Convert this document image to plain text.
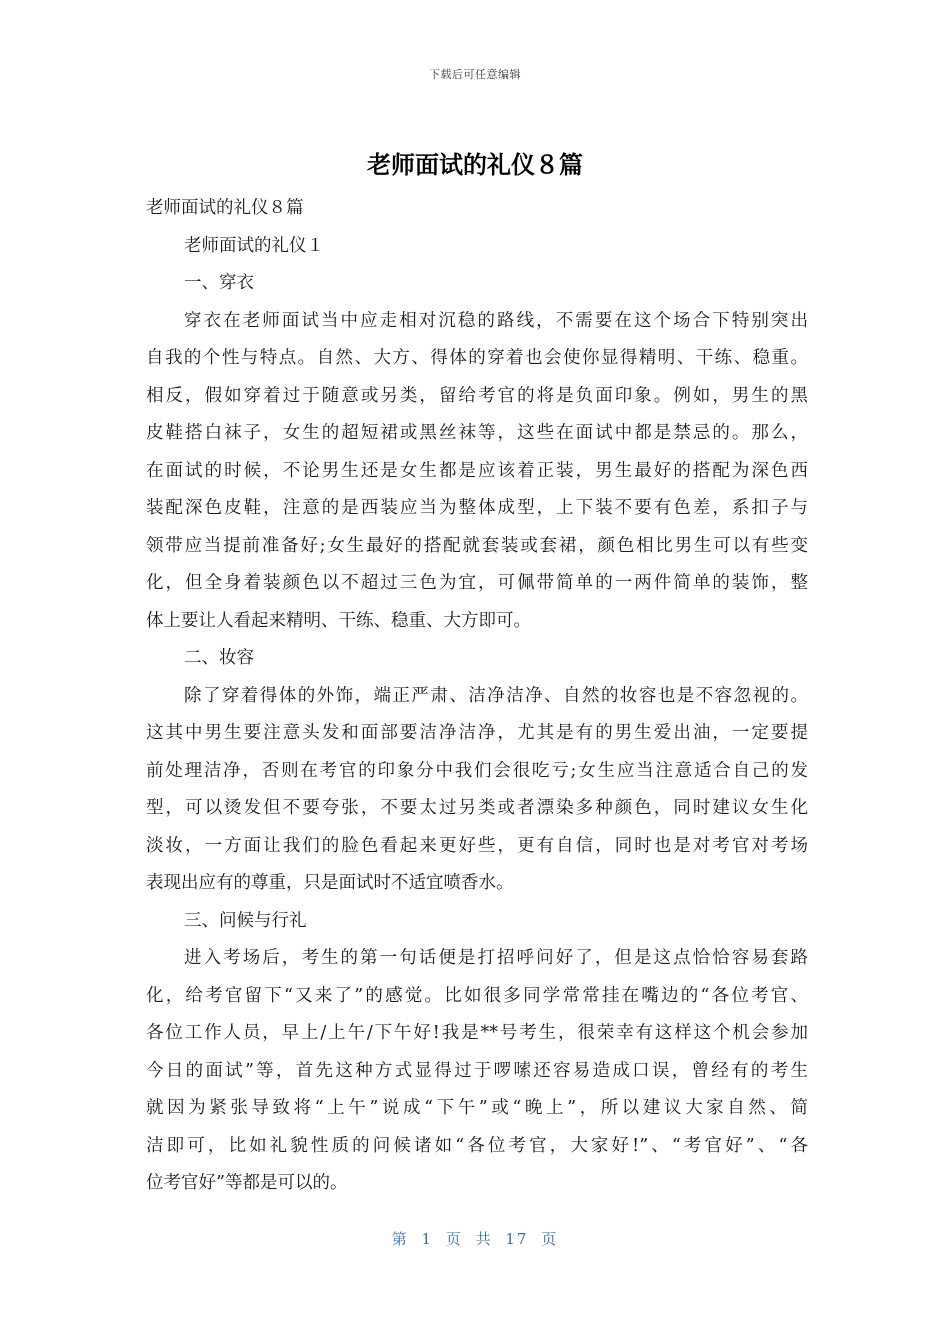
下载后可任意编辑
老师面试的礼仪８篇
老师面试的礼仪８篇
老师面试的礼仪１
一、穿衣
穿衣在老师面试当中应走相对沉稳的路线，不需要在这个场合下特别突出
自我的个性与特点。自然、大方、得体的穿着也会使你显得精明、干练、稳重。
相反，假如穿着过于随意或另类，留给考官的将是负面印象。例如，男生的黑
皮鞋搭白袜子，女生的超短裙或黑丝袜等，这些在面试中都是禁忌的。那么，
在面试的时候，不论男生还是女生都是应该着正装，男生最好的搭配为深色西
装配深色皮鞋，注意的是西装应当为整体成型，上下装不要有色差，系扣子与
领带应当提前准备好;女生最好的搭配就套装或套裙，颜色相比男生可以有些变
化，但全身着装颜色以不超过三色为宜，可佩带简单的一两件简单的装饰，整
体上要让人看起来精明、干练、稳重、大方即可。
二、妆容
除了穿着得体的外饰，端正严肃、洁净洁净、自然的妆容也是不容忽视的。
这其中男生要注意头发和面部要洁净洁净，尤其是有的男生爱出油，一定要提
前处理洁净，否则在考官的印象分中我们会很吃亏;女生应当注意适合自己的发
型，可以烫发但不要夸张，不要太过另类或者漂染多种颜色，同时建议女生化
淡妆，一方面让我们的脸色看起来更好些，更有自信，同时也是对考官对考场
表现出应有的尊重，只是面试时不适宜喷香水。
三、问候与行礼
进入考场后，考生的第一句话便是打招呼问好了，但是这点恰恰容易套路
化，给考官留下“又来了”的感觉。比如很多同学常常挂在嘴边的“各位考官、
各位工作人员，早上/上午/下午好!我是**号考生，很荣幸有这样这个机会参加
今日的面试”等，首先这种方式显得过于啰嗦还容易造成口误，曾经有的考生
就因为紧张导致将“上午”说成“下午”或“晚上”，所以建议大家自然、简
洁即可，比如礼貌性质的问候诸如“各位考官，大家好!”、“考官好”、“各
位考官好”等都是可以的。
第 1 页 共 17 页
